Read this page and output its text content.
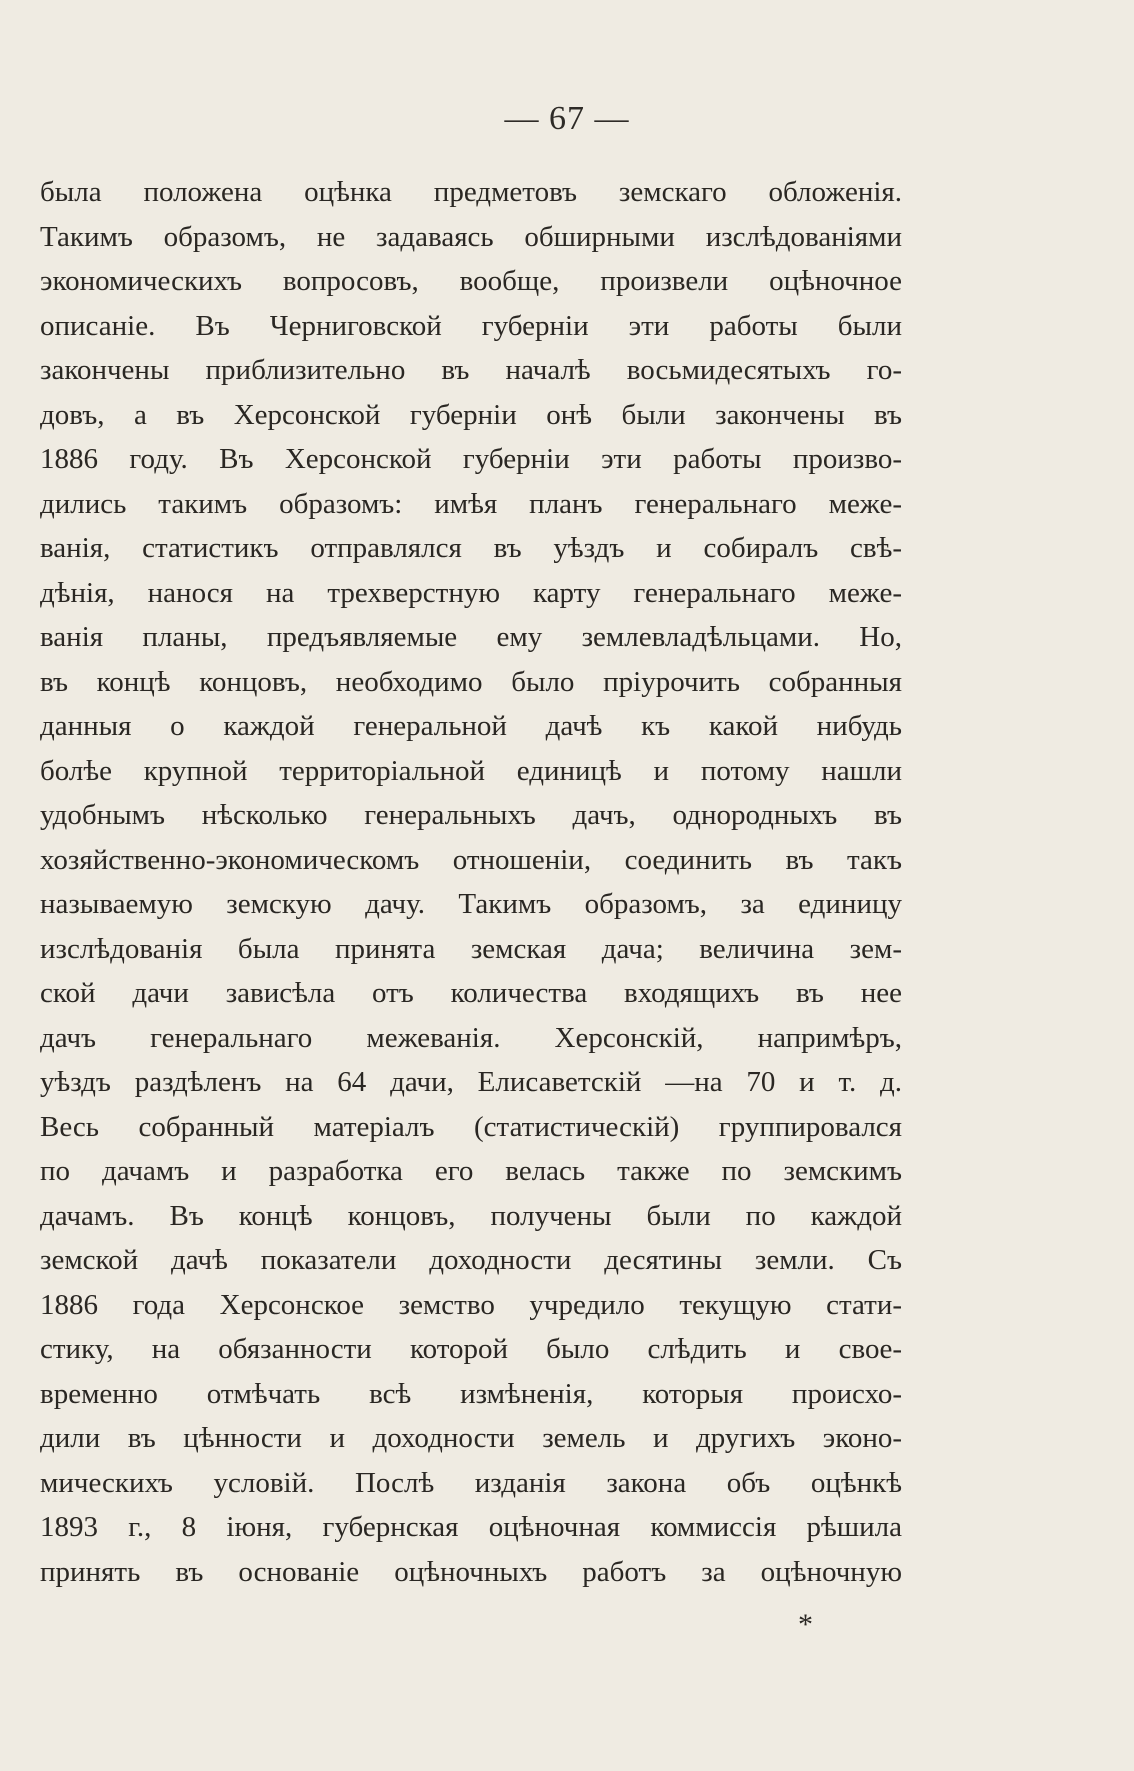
— 67 —
была положена оцѣнка предметовъ земскаго обложенія.
Такимъ образомъ, не задаваясь обширными изслѣдованіями
экономическихъ вопросовъ, вообще, произвели оцѣночное
описаніе. Въ Черниговской губерніи эти работы были
закончены приблизительно въ началѣ восьмидесятыхъ го-
довъ, а въ Херсонской губерніи онѣ были закончены въ
1886 году. Въ Херсонской губерніи эти работы произво-
дились такимъ образомъ: имѣя планъ генеральнаго меже-
ванія, статистикъ отправлялся въ уѣздъ и собиралъ свѣ-
дѣнія, нанося на трехверстную карту генеральнаго меже-
ванія планы, предъявляемые ему землевладѣльцами. Но,
въ концѣ концовъ, необходимо было пріурочить собранныя
данныя о каждой генеральной дачѣ къ какой нибудь
болѣе крупной территоріальной единицѣ и потому нашли
удобнымъ нѣсколько генеральныхъ дачъ, однородныхъ въ
хозяйственно-экономическомъ отношеніи, соединить въ такъ
называемую земскую дачу. Такимъ образомъ, за единицу
изслѣдованія была принята земская дача; величина зем-
ской дачи зависѣла отъ количества входящихъ въ нее
дачъ генеральнаго межеванія. Херсонскій, напримѣръ,
уѣздъ раздѣленъ на 64 дачи, Елисаветскій —на 70 и т. д.
Весь собранный матеріалъ (статистическій) группировался
по дачамъ и разработка его велась также по земскимъ
дачамъ. Въ концѣ концовъ, получены были по каждой
земской дачѣ показатели доходности десятины земли. Съ
1886 года Херсонское земство учредило текущую стати-
стику, на обязанности которой было слѣдить и своe-
временно отмѣчать всѣ измѣненія, которыя происхо-
дили въ цѣнности и доходности земель и другихъ эконо-
мическихъ условій. Послѣ изданія закона объ оцѣнкѣ
1893 г., 8 іюня, губернская оцѣночная коммиссія рѣшила
принять въ основаніе оцѣночныхъ работъ за оцѣночную
*
